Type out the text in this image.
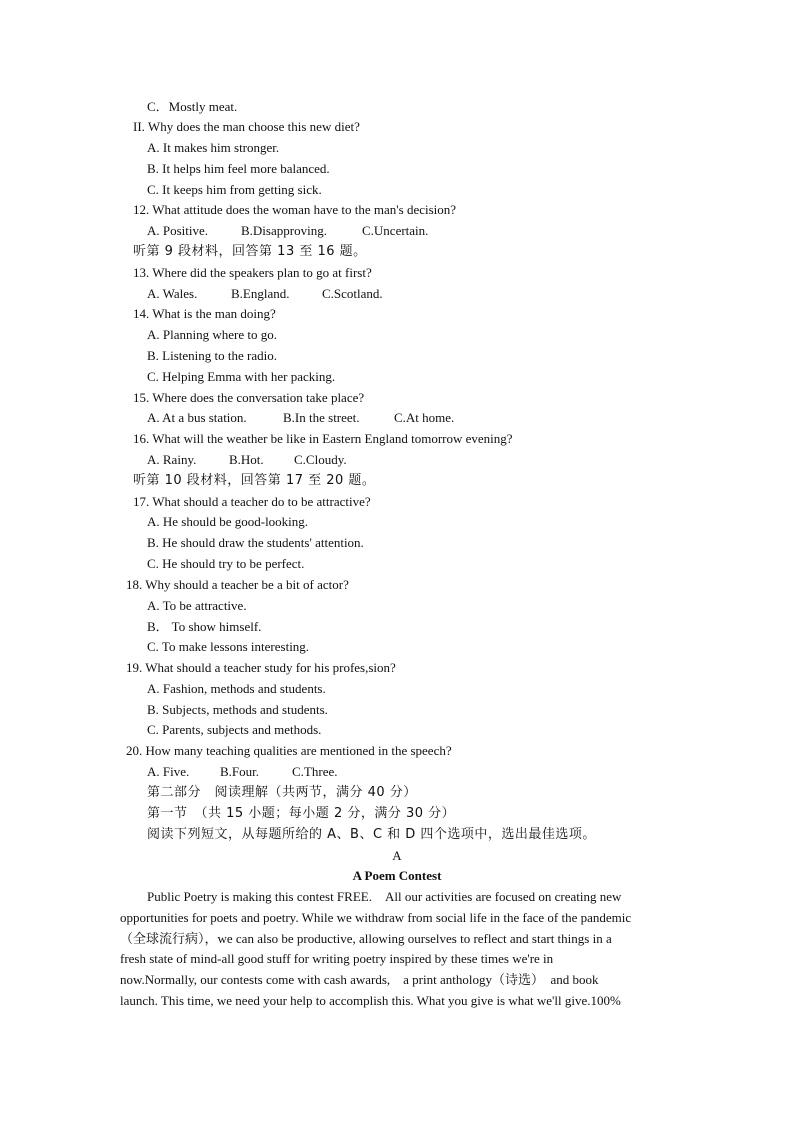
C．Mostly meat.
II. Why does the man choose this new diet?
A. It makes him stronger.
B. It helps him feel more balanced.
C. It keeps him from getting sick.
12. What attitude does the woman have to the man's decision?
A. Positive.	B.Disapproving.	C.Uncertain.
听第 9 段材料，回答第 13 至 16 题。
13. Where did the speakers plan to go at first?
A. Wales.	B.England.	C.Scotland.
14. What is the man doing?
A. Planning where to go.
B. Listening to the radio.
C. Helping Emma with her packing.
15. Where does the conversation take place?
A. At a bus station.	B.In the street.	C.At home.
16. What will the weather be like in Eastern England tomorrow evening?
A. Rainy.	B.Hot. C.Cloudy.
听第 10 段材料，回答第 17 至 20 题。
17. What should a teacher do to be attractive?
A. He should be good-looking.
B. He should draw the students' attention.
C. He should try to be perfect.
18. Why should a teacher be a bit of actor?
A. To be attractive.
B． To show himself.
C. To make lessons interesting.
19. What should a teacher study for his profes,sion?
A. Fashion, methods and students.
B. Subjects, methods and students.
C. Parents, subjects and methods.
20. How many teaching qualities are mentioned in the speech?
A. Five. B.Four.	C.Three.
第二部分　阅读理解（共两节，满分 40 分）
第一节　（共 15 小题；每小题 2 分，满分 30 分）
阅读下列短文，从每题所给的 A、B、C 和 D 四个选项中，选出最佳选项。
A
A Poem Contest
Public Poetry is making this contest FREE.　All our activities are focused on creating new
opportunities for poets and poetry. While we withdraw from social life in the face of the pandemic
（全球流行病），we can also be productive, allowing ourselves to reflect and start things in a
fresh state of mind-all good stuff for writing poetry inspired by these times we're in
now.Normally, our contests come with cash awards,　a print anthology（诗选）　and book
launch. This time, we need your help to accomplish this. What you give is what we'll give.100%
